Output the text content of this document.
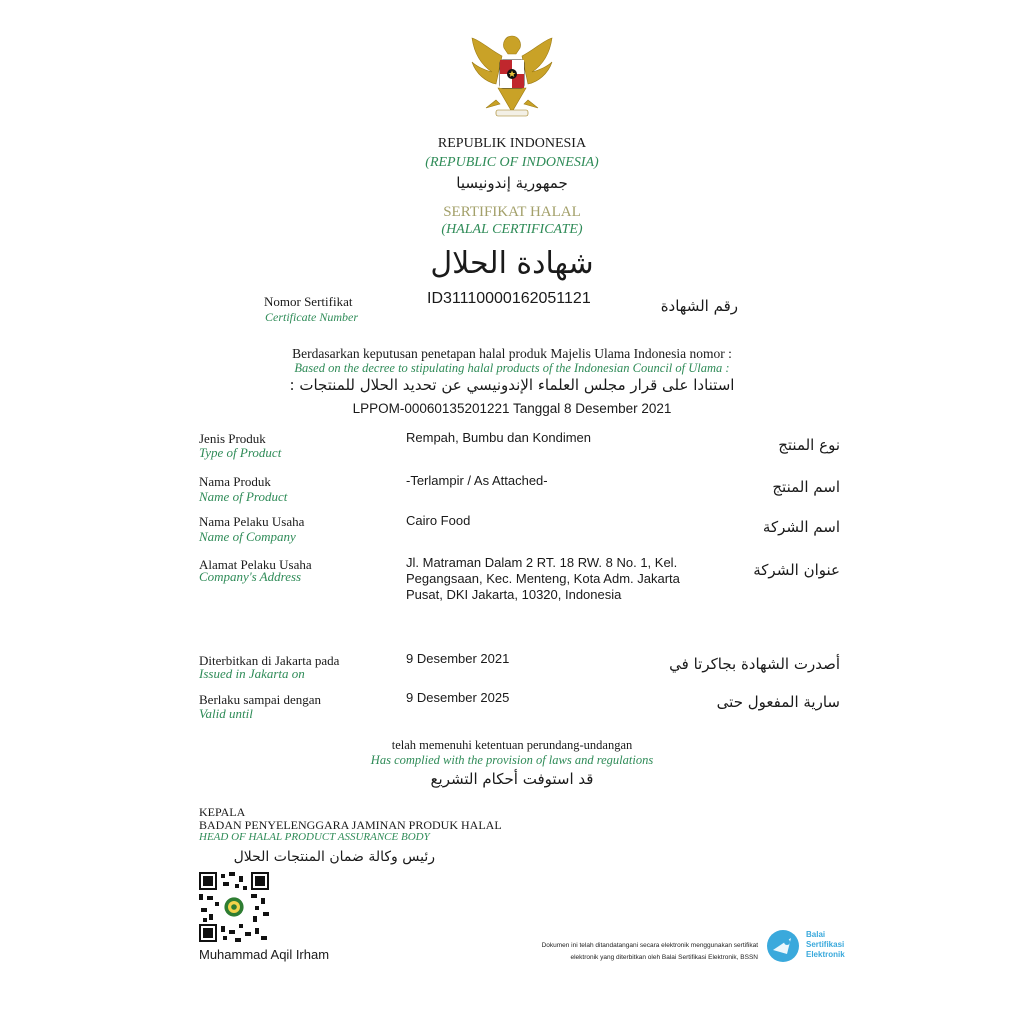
REPUBLIK INDONESIA
(REPUBLIC OF INDONESIA)
جمهورية إندونيسيا
SERTIFIKAT HALAL
(HALAL CERTIFICATE)
شهادة الحلال
Nomor Sertifikat
Certificate Number
ID31110000162051121	رقم الشهادة
Berdasarkan keputusan penetapan halal produk Majelis Ulama Indonesia nomor :
Based on the decree to stipulating halal products of the Indonesian Council of Ulama :
استنادا على قرار مجلس العلماء الإندونيسي عن تحديد الحلال للمنتجات :
LPPOM-00060135201221 Tanggal 8 Desember 2021
Jenis Produk
Type of Product
Rempah, Bumbu dan Kondimen	نوع المنتج
Nama Produk
Name of Product
-Terlampir / As Attached-	اسم المنتج
Nama Pelaku Usaha
Name of Company
Cairo Food	اسم الشركة
Alamat Pelaku Usaha
Company's Address
Jl. Matraman Dalam 2 RT. 18 RW. 8 No. 1, Kel. Pegangsaan, Kec. Menteng, Kota Adm. Jakarta Pusat, DKI Jakarta, 10320, Indonesia
عنوان الشركة
Diterbitkan di Jakarta pada
Issued in Jakarta on
9 Desember 2021	أصدرت الشهادة بجاكرتا في
Berlaku sampai dengan
Valid until
9 Desember 2025	سارية المفعول حتى
telah memenuhi ketentuan perundang-undangan
Has complied with the provision of laws and regulations
قد استوفت أحكام التشريع
KEPALA
BADAN PENYELENGGARA JAMINAN PRODUK HALAL
HEAD OF HALAL PRODUCT ASSURANCE BODY
رئيس وكالة ضمان المنتجات الحلال
Muhammad Aqil Irham
Dokumen ini telah ditandatangani secara elektronik menggunakan sertifikat
elektronik yang diterbitkan oleh Balai Sertifikasi Elektronik, BSSN
Balai
Sertifikasi
Elektronik
